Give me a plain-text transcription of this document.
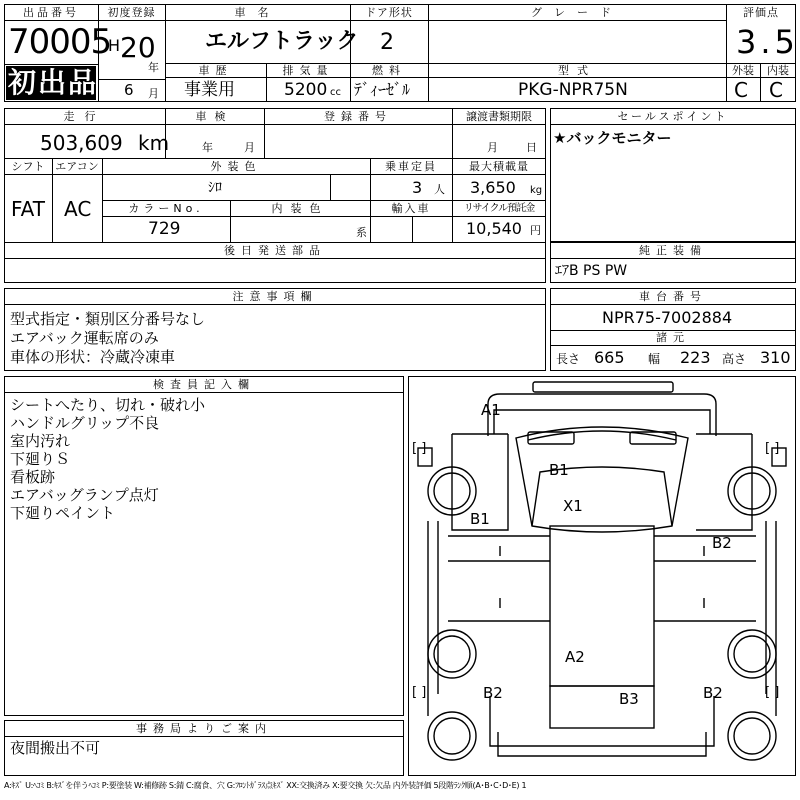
出品番号
70005
初出品
初度登録
H 20
年
6 月
車名
エルフトラック
ドア形状
2
グレード	評価点
3.5
外装	内装
C C
車歴
事業用
排気量
5200 cc
燃料
ﾃﾞｨｰｾﾞﾙ
型式
PKG-NPR75N
走行
503,609 km
車検
年	月
登録番号	譲渡書類期限
月	日
シフト
FAT
エアコン
AC
外装色
ｼﾛ
乗車定員
3 人
最大積載量
3,650 kg
カラーNo.
729
内装色
系
輸入車	リサイクル預託金
10,540 円
後日発送部品
セールスポイント
★バックモニター
純正装備
ｴｱB PS PW
注意事項欄
型式指定・類別区分番号なし
エアバック運転席のみ
車体の形状：冷蔵冷凍車
車台番号
NPR75-7002884
諸元
長さ 665 幅 223 高さ 310
検査員記入欄
シートへたり、切れ・破れ小
ハンドルグリップ不良
室内汚れ
下廻りＳ
看板跡
エアバッグランプ点灯
下廻りペイント
事務局よりご案内
夜間搬出不可
A1
B1
X1
B1
B2
A2
B2	B3	B2
[ ]	[ ]
[ ]	[ ]
A:ｷｽﾞ U:ﾍｺﾐ B:ｷｽﾞを伴うﾍｺﾐ P:要塗装 W:補修跡 S:錆 C:腐食、穴 G:ﾌﾛﾝﾄｶﾞﾗｽ点ｷｽﾞ XX:交換済み X:要交換 欠:欠品 内外装評価 5段階ﾗﾝｸ順(A･B･C･D･E) 1
